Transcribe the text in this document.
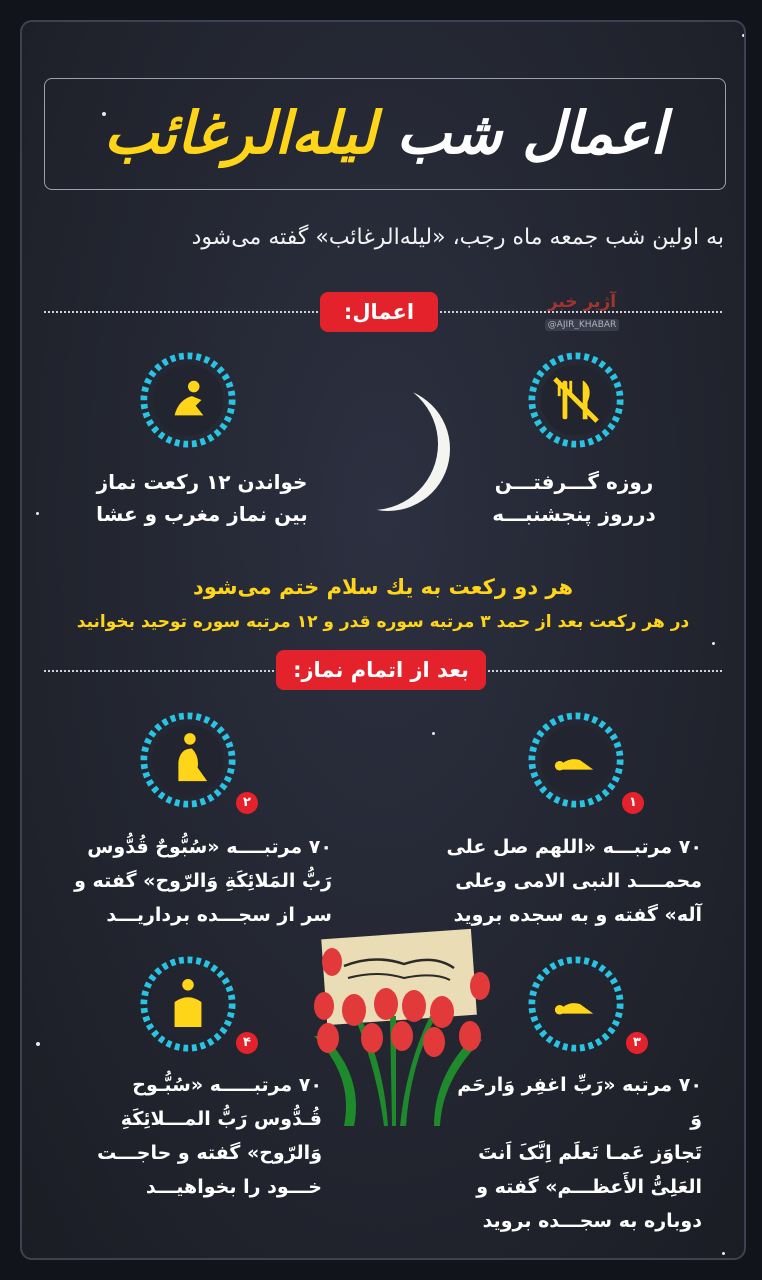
اعمال شب لیله‌الرغائب
به اولین شب جمعه ماه رجب، «لیله‌الرغائب» گفته می‌شود
اعمال:	آژیر خبر
@AJIR_KHABAR
روزه گـــرفتـــن
درروز پنجشنبـــه
خواندن ۱۲ رکعت نماز
بین نماز مغرب و عشا
هر دو رکعت به یك سلام ختم می‌شود
در هر رکعت بعد از حمد ۳ مرتبه سوره قدر و ۱۲ مرتبه سوره توحید بخوانید
بعد از اتمام نماز:
۱
۲
۷۰ مرتبـــه «اللهم صل علی
محمــــد النبی الامی وعلی
آله» گفته و به سجده بروید
۷۰ مرتبــــه «سُبُّوحٌ قُدُّوس
رَبُّ المَلائِکَةِ وَالرّوح» گفته و
سر از سجـــده برداریـــد
۳
۴
۷۰ مرتبه «رَبِّ اغفِر وَارحَم وَ
تَجاوَز عَمـا تَعلَم اِنَّکَ اَنتَ
العَلِیُّ الأَعظـــم» گفته و
دوباره به سجـــده بروید
۷۰ مرتبـــــه «سُبُّـوح
قُـدُّوس رَبُّ المـــلائِکَةِ
وَالرّوح» گفته و حاجـــت
خـــود را بخواهیـــد
